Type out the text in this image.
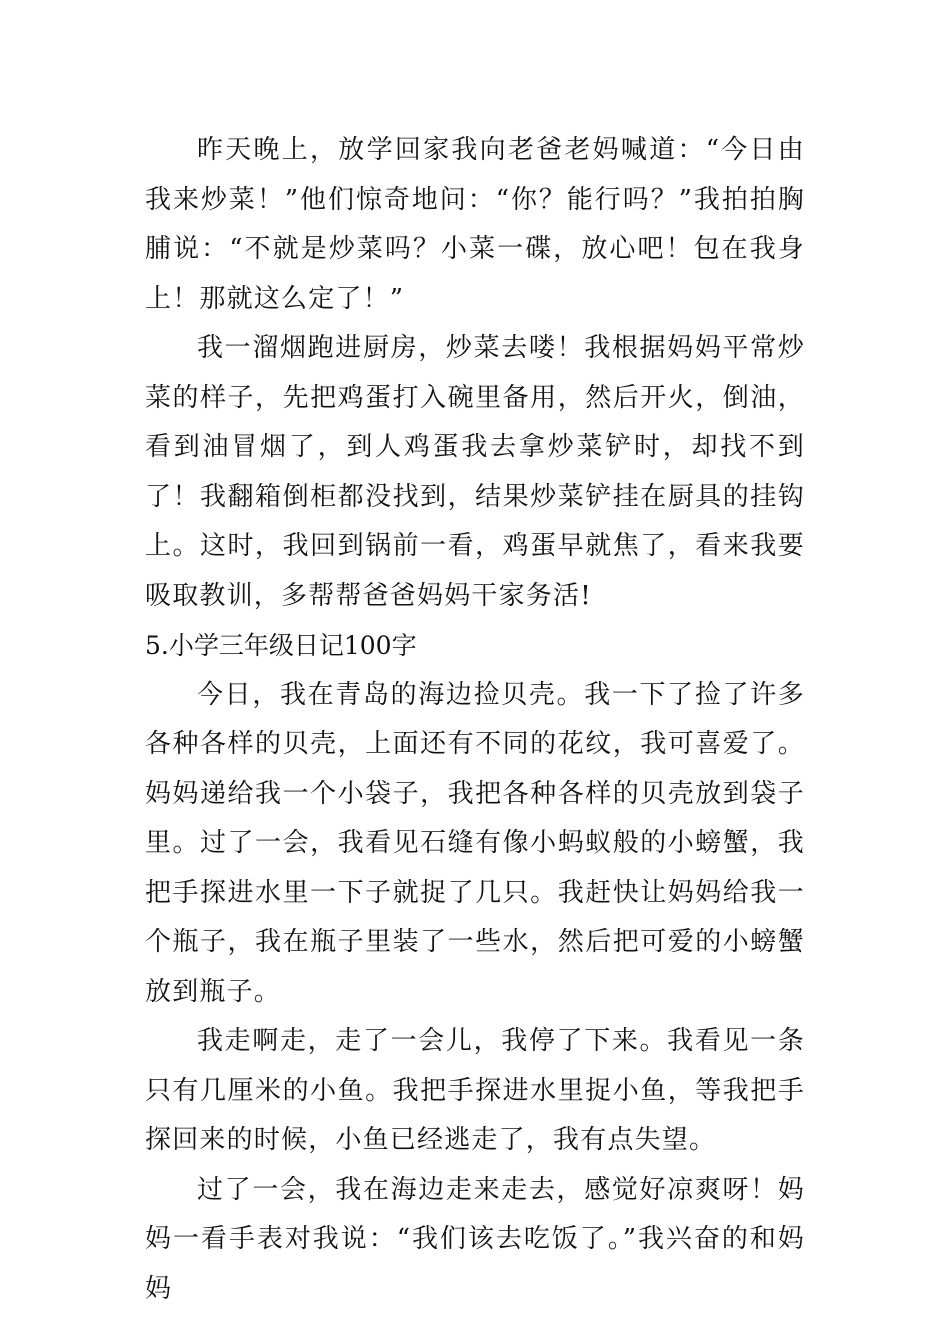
昨天晚上，放学回家我向老爸老妈喊道：“今日由我来炒菜！”他们惊奇地问：“你？能行吗？”我拍拍胸脯说：“不就是炒菜吗？小菜一碟，放心吧！包在我身上！那就这么定了！”

我一溜烟跑进厨房，炒菜去喽！我根据妈妈平常炒菜的样子，先把鸡蛋打入碗里备用，然后开火，倒油，看到油冒烟了，到人鸡蛋我去拿炒菜铲时，却找不到了！我翻箱倒柜都没找到，结果炒菜铲挂在厨具的挂钩上。这时，我回到锅前一看，鸡蛋早就焦了，看来我要吸取教训，多帮帮爸爸妈妈干家务活!

5.小学三年级日记100字

今日，我在青岛的海边捡贝壳。我一下了捡了许多各种各样的贝壳，上面还有不同的花纹，我可喜爱了。妈妈递给我一个小袋子，我把各种各样的贝壳放到袋子里。过了一会，我看见石缝有像小蚂蚁般的小螃蟹，我把手探进水里一下子就捉了几只。我赶快让妈妈给我一个瓶子，我在瓶子里装了一些水，然后把可爱的小螃蟹放到瓶子。

我走啊走，走了一会儿，我停了下来。我看见一条只有几厘米的小鱼。我把手探进水里捉小鱼，等我把手探回来的时候，小鱼已经逃走了，我有点失望。

过了一会，我在海边走来走去，感觉好凉爽呀！妈妈一看手表对我说：“我们该去吃饭了。”我兴奋的和妈妈
